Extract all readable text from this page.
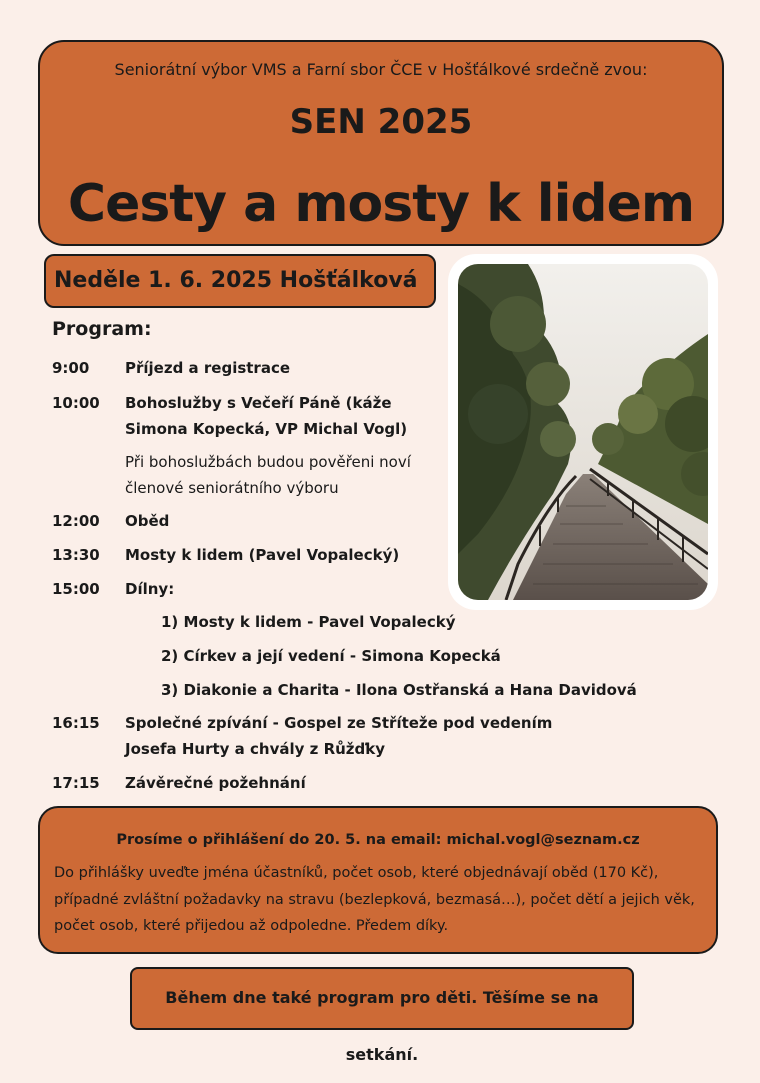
Seniorátní výbor VMS a Farní sbor ČCE v Hošťálkové srdečně zvou:
SEN 2025
Cesty a mosty k lidem
Neděle 1. 6. 2025 Hošťálková
Program:
9:00 Příjezd a registrace
10:00 Bohoslužby s Večeří Páně (káže Simona Kopecká, VP Michal Vogl)
Při bohoslužbách budou pověřeni noví členové seniorátního výboru
12:00 Oběd
13:30 Mosty k lidem (Pavel Vopalecký)
15:00 Dílny:
1) Mosty k lidem - Pavel Vopalecký
2) Církev a její vedení - Simona Kopecká
3) Diakonie a Charita - Ilona Ostřanská a Hana Davidová
16:15 Společné zpívání - Gospel ze Stříteže pod vedením Josefa Hurty a chvály z Růžďky
17:15 Závěrečné požehnání
Prosíme o přihlášení do 20. 5. na email: michal.vogl@seznam.cz
Do přihlášky uveďte jména účastníků, počet osob, které objednávají oběd (170 Kč), případné zvláštní požadavky na stravu (bezlepková, bezmasá…), počet dětí a jejich věk, počet osob, které přijedou až odpoledne. Předem díky.
Během dne také program pro děti. Těšíme se na setkání.
